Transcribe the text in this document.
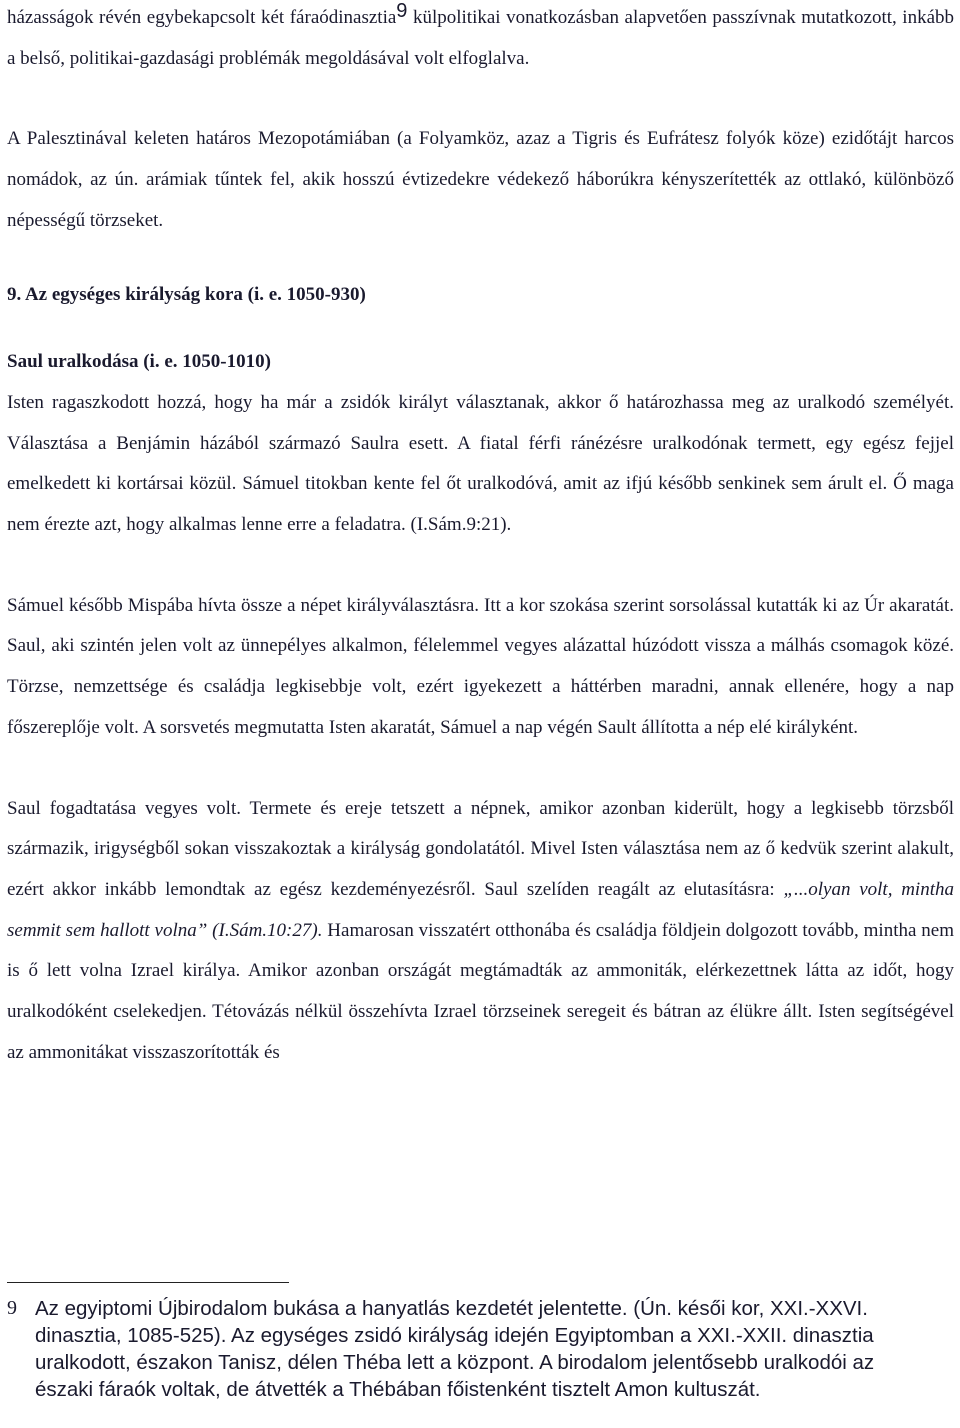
házasságok révén egybekapcsolt két fáraódinasztia$^9$ külpolitikai vonatkozásban alapvetően passzívnak mutatkozott, inkább a belső, politikai-gazdasági problémák megoldásával volt elfoglalva.

A Palesztinával keleten határos Mezopotámiában (a Folyamköz, azaz a Tigris és Eufrátesz folyók köze) ezidőtájt harcos nomádok, az ún. arámiak tűntek fel, akik hosszú évtizedekre védekező háborúkra kényszerítették az ottlakó, különböző népességű törzseket.

9. Az egységes királyság kora (i. e. 1050-930)
Saul uralkodása (i. e. 1050-1010)

Isten ragaszkodott hozzá, hogy ha már a zsidók királyt választanak, akkor ő határozhassa meg az uralkodó személyét. Választása a Benjámin házából származó Saulra esett. A fiatal férfi ránézésre uralkodónak termett, egy egész fejjel emelkedett ki kortársai közül. Sámuel titokban kente fel őt uralkodóvá, amit az ifjú később senkinek sem árult el. Ő maga nem érezte azt, hogy alkalmas lenne erre a feladatra. (I.Sám.9:21).

Sámuel később Mispába hívta össze a népet királyválasztásra. Itt a kor szokása szerint sorsolással kutatták ki az Úr akaratát. Saul, aki szintén jelen volt az ünnepélyes alkalmon, félelemmel vegyes alázattal húzódott vissza a málhás csomagok közé. Törzse, nemzettsége és családja legkisebbje volt, ezért igyekezett a háttérben maradni, annak ellenére, hogy a nap főszereplője volt. A sorsvetés megmutatta Isten akaratát, Sámuel a nap végén Sault állította a nép elé királyként.

Saul fogadtatása vegyes volt. Termete és ereje tetszett a népnek, amikor azonban kiderült, hogy a legkisebb törzsből származik, irigységből sokan visszakoztak a királyság gondolatától. Mivel Isten választása nem az ő kedvük szerint alakult, ezért akkor inkább lemondtak az egész kezdeményezésről. Saul szelíden reagált az elutasításra: „...olyan volt, mintha semmit sem hallott volna” (I.Sám.10:27). Hamarosan visszatért otthonába és családja földjein dolgozott tovább, mintha nem is ő lett volna Izrael királya. Amikor azonban országát megtámadták az ammoniták, elérkezettnek látta az időt, hogy uralkodóként cselekedjen. Tétovázás nélkül összehívta Izrael törzseinek seregeit és bátran az élükre állt. Isten segítségével az ammonitákat visszaszorították és

9 Az egyiptomi Újbirodalom bukása a hanyatlás kezdetét jelentette. (Ún. késői kor, XXI.-XXVI. dinasztia, 1085-525). Az egységes zsidó királyság idején Egyiptomban a XXI.-XXII. dinasztia uralkodott, északon Tanisz, délen Théba lett a központ. A birodalom jelentősebb uralkodói az északi fáraók voltak, de átvették a Thébában főistenként tisztelt Amon kultuszát.
